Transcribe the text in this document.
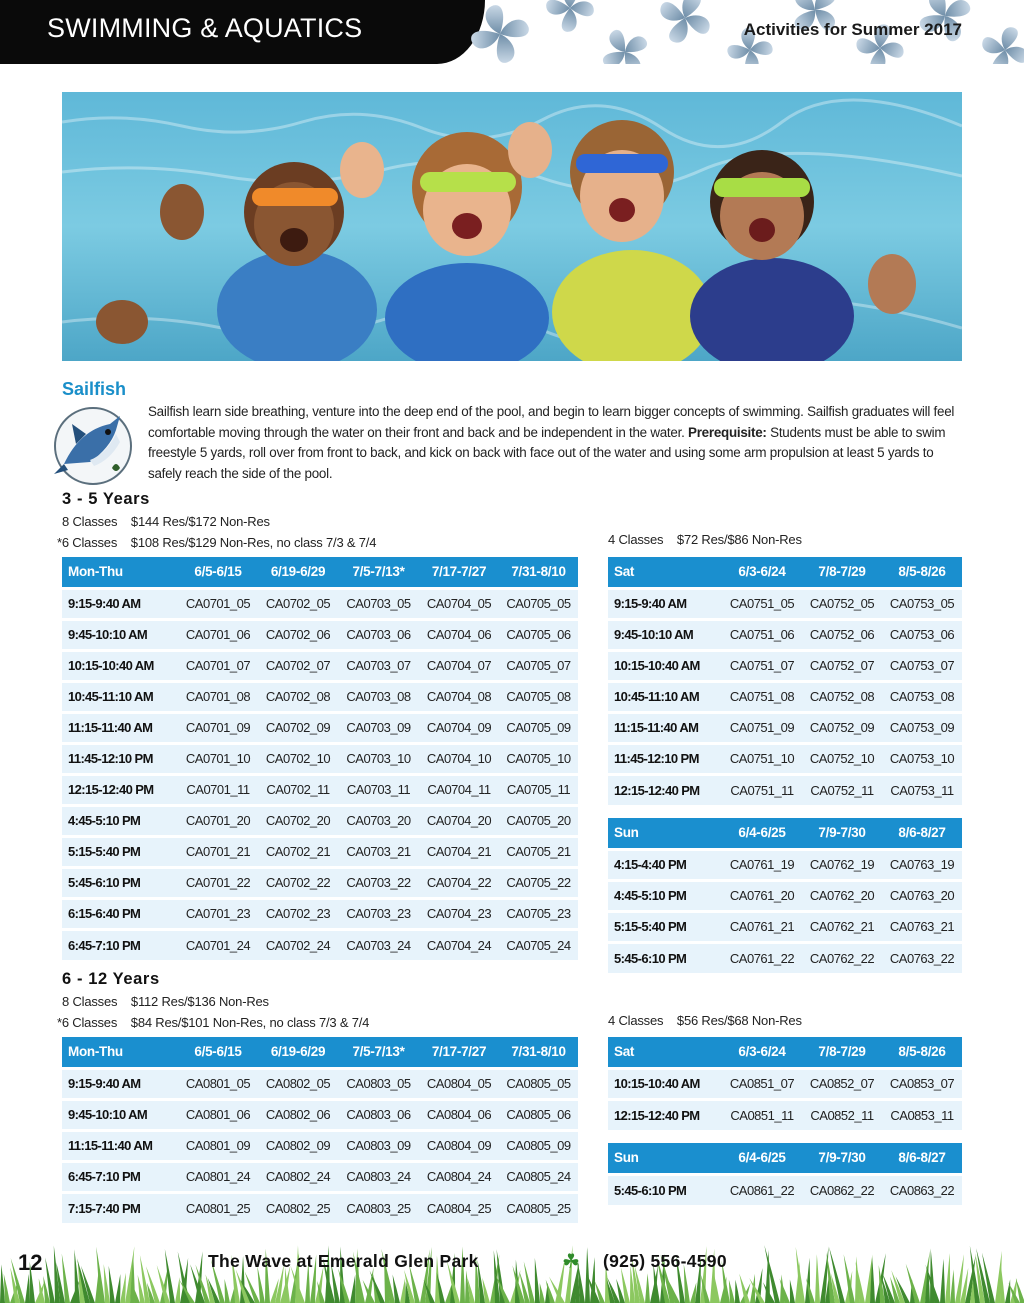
SWIMMING & AQUATICS	Activities for Summer 2017
Sailfish
Sailfish learn side breathing, venture into the deep end of the pool, and begin to learn bigger concepts of swimming. Sailfish graduates will feel comfortable moving through the water on their front and back and be independent in the water. Prerequisite: Students must be able to swim freestyle 5 yards, roll over from front to back, and kick on back with face out of the water and using some arm propulsion at least 5 yards to safely reach the side of the pool.
3 - 5 Years
8 Classes    $144 Res/$172 Non-Res
*6 Classes    $108 Res/$129 Non-Res, no class 7/3 & 7/4	4 Classes    $72 Res/$86 Non-Res
Mon-Thu	6/5-6/15	6/19-6/29	7/5-7/13*	7/17-7/27	7/31-8/10
9:15-9:40 AM	CA0701_05	CA0702_05	CA0703_05	CA0704_05	CA0705_05
9:45-10:10 AM	CA0701_06	CA0702_06	CA0703_06	CA0704_06	CA0705_06
10:15-10:40 AM	CA0701_07	CA0702_07	CA0703_07	CA0704_07	CA0705_07
10:45-11:10 AM	CA0701_08	CA0702_08	CA0703_08	CA0704_08	CA0705_08
11:15-11:40 AM	CA0701_09	CA0702_09	CA0703_09	CA0704_09	CA0705_09
11:45-12:10 PM	CA0701_10	CA0702_10	CA0703_10	CA0704_10	CA0705_10
12:15-12:40 PM	CA0701_11	CA0702_11	CA0703_11	CA0704_11	CA0705_11
4:45-5:10 PM	CA0701_20	CA0702_20	CA0703_20	CA0704_20	CA0705_20
5:15-5:40 PM	CA0701_21	CA0702_21	CA0703_21	CA0704_21	CA0705_21
5:45-6:10 PM	CA0701_22	CA0702_22	CA0703_22	CA0704_22	CA0705_22
6:15-6:40 PM	CA0701_23	CA0702_23	CA0703_23	CA0704_23	CA0705_23
6:45-7:10 PM	CA0701_24	CA0702_24	CA0703_24	CA0704_24	CA0705_24
Sat	6/3-6/24	7/8-7/29	8/5-8/26
9:15-9:40 AM	CA0751_05	CA0752_05	CA0753_05
9:45-10:10 AM	CA0751_06	CA0752_06	CA0753_06
10:15-10:40 AM	CA0751_07	CA0752_07	CA0753_07
10:45-11:10 AM	CA0751_08	CA0752_08	CA0753_08
11:15-11:40 AM	CA0751_09	CA0752_09	CA0753_09
11:45-12:10 PM	CA0751_10	CA0752_10	CA0753_10
12:15-12:40 PM	CA0751_11	CA0752_11	CA0753_11
Sun	6/4-6/25	7/9-7/30	8/6-8/27
4:15-4:40 PM	CA0761_19	CA0762_19	CA0763_19
4:45-5:10 PM	CA0761_20	CA0762_20	CA0763_20
5:15-5:40 PM	CA0761_21	CA0762_21	CA0763_21
5:45-6:10 PM	CA0761_22	CA0762_22	CA0763_22
6 - 12 Years
8 Classes    $112 Res/$136 Non-Res
*6 Classes    $84 Res/$101 Non-Res, no class 7/3 & 7/4	4 Classes    $56 Res/$68 Non-Res
Mon-Thu	6/5-6/15	6/19-6/29	7/5-7/13*	7/17-7/27	7/31-8/10
9:15-9:40 AM	CA0801_05	CA0802_05	CA0803_05	CA0804_05	CA0805_05
9:45-10:10 AM	CA0801_06	CA0802_06	CA0803_06	CA0804_06	CA0805_06
11:15-11:40 AM	CA0801_09	CA0802_09	CA0803_09	CA0804_09	CA0805_09
6:45-7:10 PM	CA0801_24	CA0802_24	CA0803_24	CA0804_24	CA0805_24
7:15-7:40 PM	CA0801_25	CA0802_25	CA0803_25	CA0804_25	CA0805_25
Sat	6/3-6/24	7/8-7/29	8/5-8/26
10:15-10:40 AM	CA0851_07	CA0852_07	CA0853_07
12:15-12:40 PM	CA0851_11	CA0852_11	CA0853_11
Sun	6/4-6/25	7/9-7/30	8/6-8/27
5:45-6:10 PM	CA0861_22	CA0862_22	CA0863_22
12	The Wave at Emerald Glen Park	☘ (925) 556-4590
